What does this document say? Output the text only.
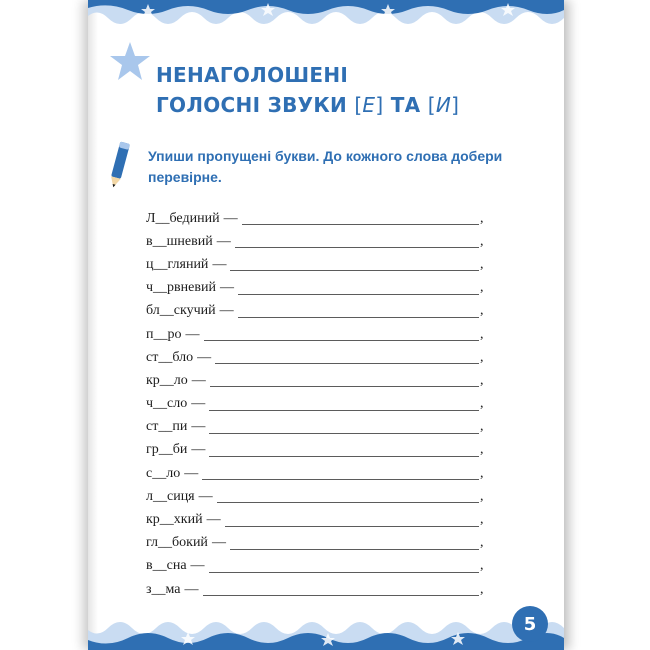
НЕНАГОЛОШЕНІ
ГОЛОСНІ ЗВУКИ [Е] ТА [И]
Упиши пропущені букви. До кожного слова добери перевірне.
Л__бединий —	,
в__шневий —	,
ц__гляний —	,
ч__рвневий —	,
бл__скучий —	,
п__ро —	,
ст__бло —	,
кр__ло —	,
ч__сло —	,
ст__пи —	,
гр__би —	,
с__ло —	,
л__сиця —	,
кр__хкий —	,
гл__бокий —	,
в__сна —	,
з__ма —	,
5
